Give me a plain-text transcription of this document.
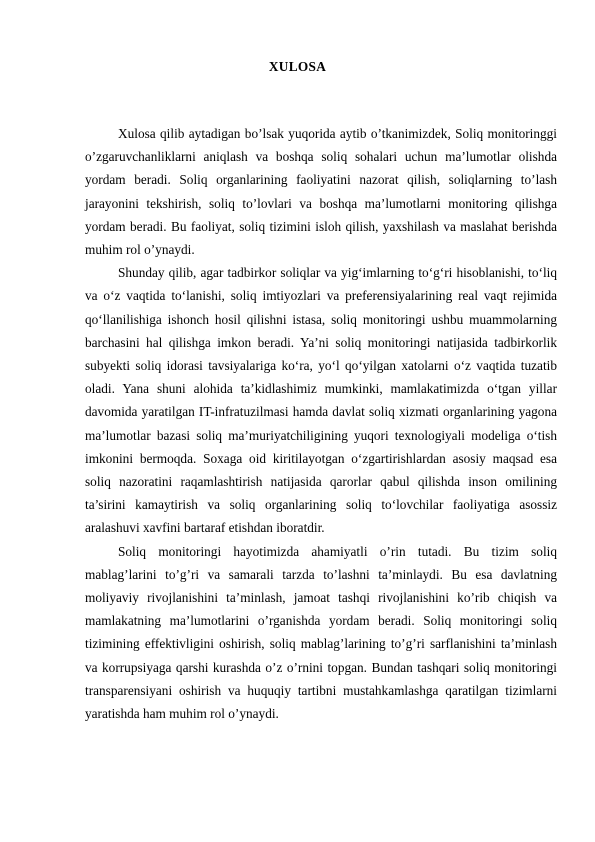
XULOSA

Xulosa qilib aytadigan bo’lsak yuqorida aytib o’tkanimizdek, Soliq monitoringgi o’zgaruvchanliklarni aniqlash va boshqa soliq sohalari uchun ma’lumotlar olishda yordam beradi. Soliq organlarining faoliyatini nazorat qilish, soliqlarning to’lash jarayonini tekshirish, soliq to’lovlari va boshqa ma’lumotlarni monitoring qilishga yordam beradi. Bu faoliyat, soliq tizimini isloh qilish, yaxshilash va maslahat berishda muhim rol o’ynaydi.

Shunday qilib, agar tadbirkor soliqlar va yig‘imlarning to‘g‘ri hisoblanishi, to‘liq va o‘z vaqtida to‘lanishi, soliq imtiyozlari va preferensiyalarining real vaqt rejimida qo‘llanilishiga ishonch hosil qilishni istasa, soliq monitoringi ushbu muammolarning barchasini hal qilishga imkon beradi. Ya’ni soliq monitoringi natijasida tadbirkorlik subyekti soliq idorasi tavsiyalariga ko‘ra, yo‘l qo‘yilgan xatolarni o‘z vaqtida tuzatib oladi. Yana shuni alohida ta’kidlashimiz mumkinki, mamlakatimizda o‘tgan yillar davomida yaratilgan IT-infratuzilmasi hamda davlat soliq xizmati organlarining yagona ma’lumotlar bazasi soliq ma’muriyatchiligining yuqori texnologiyali modeliga o‘tish imkonini bermoqda. Soxaga oid kiritilayotgan o‘zgartirishlardan asosiy maqsad esa soliq nazoratini raqamlashtirish natijasida qarorlar qabul qilishda inson omilining ta’sirini kamaytirish va soliq organlarining soliq to‘lovchilar faoliyatiga asossiz aralashuvi xavfini bartaraf etishdan iboratdir.

Soliq monitoringi hayotimizda ahamiyatli o’rin tutadi. Bu tizim soliq mablag’larini to’g’ri va samarali tarzda to’lashni ta’minlaydi. Bu esa davlatning moliyaviy rivojlanishini ta’minlash, jamoat tashqi rivojlanishini ko’rib chiqish va mamlakatning ma’lumotlarini o’rganishda yordam beradi. Soliq monitoringi soliq tizimining effektivligini oshirish, soliq mablag’larining to’g’ri sarflanishini ta’minlash va korrupsiyaga qarshi kurashda o’z o’rnini topgan. Bundan tashqari soliq monitoringi transparensiyani oshirish va huquqiy tartibni mustahkamlashga qaratilgan tizimlarni yaratishda ham muhim rol o’ynaydi.
